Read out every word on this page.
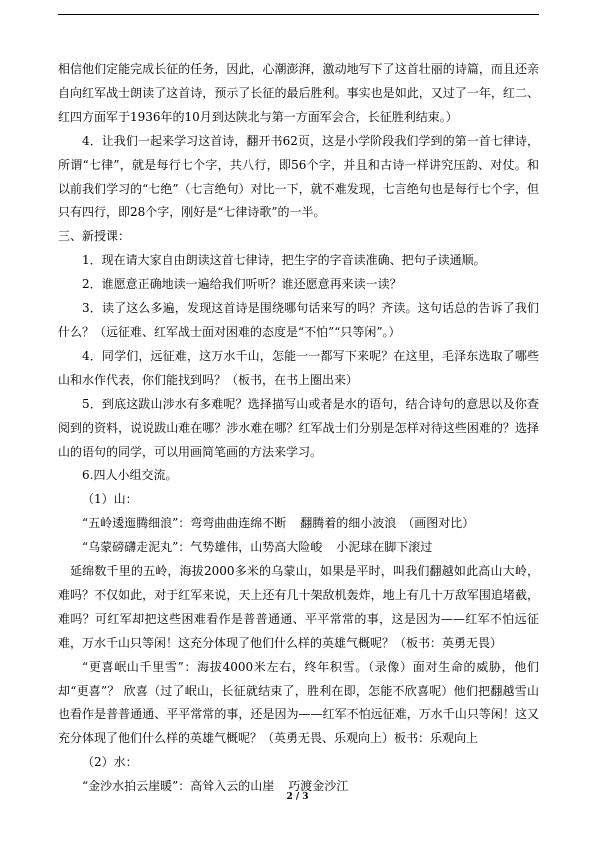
相信他们定能完成长征的任务，因此，心潮澎湃，激动地写下了这首壮丽的诗篇，而且还亲自向红军战士朗读了这首诗，预示了长征的最后胜利。事实也是如此，又过了一年，红二、红四方面军于1936年的10月到达陕北与第一方面军会合，长征胜利结束。）

4．让我们一起来学习这首诗，翻开书62页，这是小学阶段我们学到的第一首七律诗，所谓“七律”，就是每行七个字，共八行，即56个字，并且和古诗一样讲究压韵、对仗。和以前我们学习的“七绝”（七言绝句）对比一下，就不难发现，七言绝句也是每行七个字，但只有四行，即28个字，刚好是“七律诗歌”的一半。

三、新授课：

1．现在请大家自由朗读这首七律诗，把生字的字音读准确、把句子读通顺。

2．谁愿意正确地读一遍给我们听听？谁还愿意再来读一读？

3．读了这么多遍，发现这首诗是围绕哪句话来写的吗？齐读。这句话总的告诉了我们什么？（远征难、红军战士面对困难的态度是“不怕”“只等闲”。）

4．同学们，远征难，这万水千山，怎能一一都写下来呢？在这里，毛泽东选取了哪些山和水作代表，你们能找到吗？（板书，在书上圈出来）

5．到底这跋山涉水有多难呢？选择描写山或者是水的语句，结合诗句的意思以及你查阅到的资料，说说跋山难在哪？涉水难在哪？红军战士们分别是怎样对待这些困难的？选择山的语句的同学，可以用画简笔画的方法来学习。

6.四人小组交流。

（1）山：

“五岭逶迤腾细浪”：弯弯曲曲连绵不断 翻腾着的细小波浪　（画图对比）

“乌蒙磅礴走泥丸”：气势雄伟，山势高大险峻 小泥球在脚下滚过

延绵数千里的五岭，海拔2000多米的乌蒙山，如果是平时，叫我们翻越如此高山大岭，难吗？不仅如此，对于红军来说，天上还有几十架敌机轰炸，地上有几十万敌军围追堵截，难吗？可红军却把这些困难看作是普普通通、平平常常的事，这是因为——红军不怕远征难，万水千山只等闲！这充分体现了他们什么样的英雄气概呢？（板书：英勇无畏）

“更喜岷山千里雪”：海拔4000米左右，终年积雪。（录像）面对生命的威胁，他们却“更喜”？ 欣喜（过了岷山，长征就结束了，胜利在即，怎能不欣喜呢）他们把翻越雪山也看作是普普通通、平平常常的事，还是因为——红军不怕远征难，万水千山只等闲！这又充分体现了他们什么样的英雄气概呢？（英勇无畏、乐观向上）板书：乐观向上

（2）水：

“金沙水拍云崖暖”：高耸入云的山崖 巧渡金沙江

2 / 3
